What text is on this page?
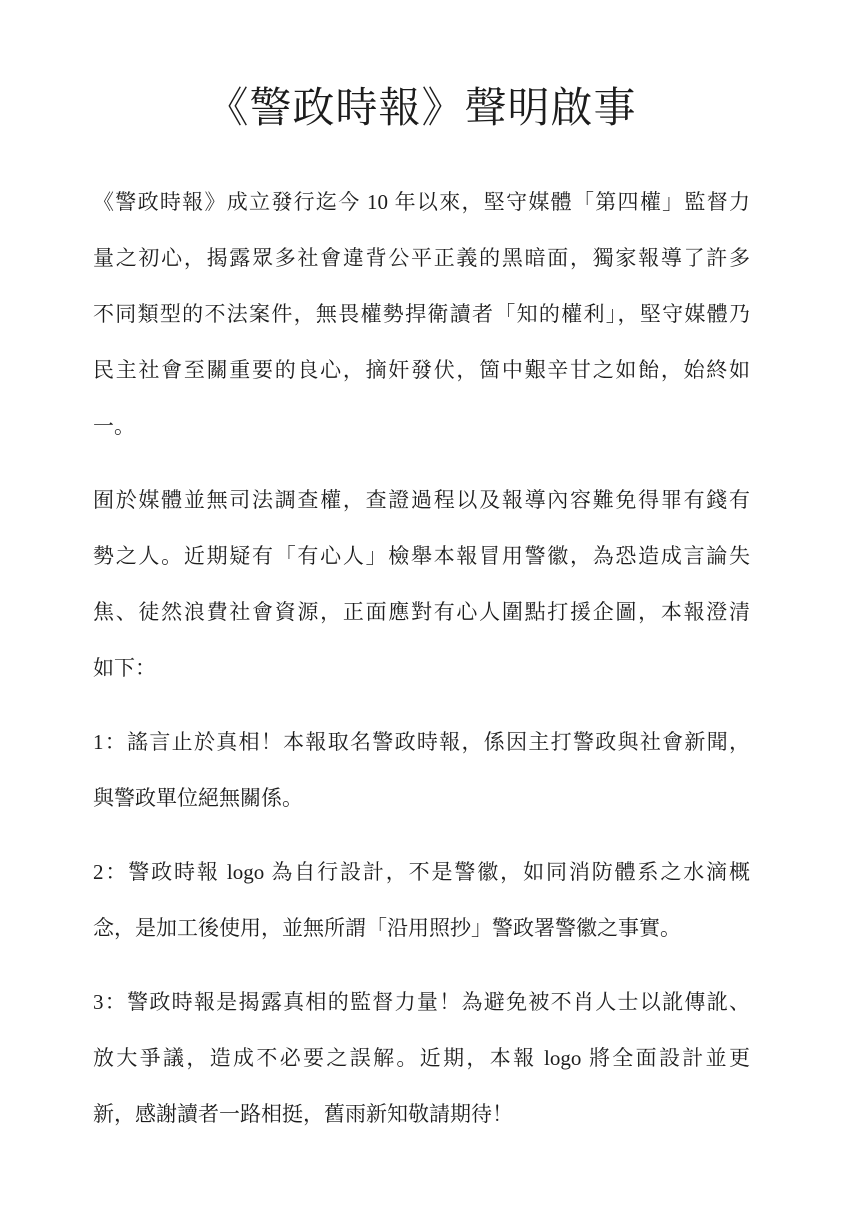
《警政時報》聲明啟事
《警政時報》成立發行迄今 10 年以來，堅守媒體「第四權」監督力
量之初心，揭露眾多社會違背公平正義的黑暗面，獨家報導了許多
不同類型的不法案件，無畏權勢捍衛讀者「知的權利」，堅守媒體乃
民主社會至關重要的良心，摘奸發伏，箇中艱辛甘之如飴，始終如
一。
囿於媒體並無司法調查權，查證過程以及報導內容難免得罪有錢有
勢之人。近期疑有「有心人」檢舉本報冒用警徽，為恐造成言論失
焦、徒然浪費社會資源，正面應對有心人圍點打援企圖，本報澄清
如下：
1：謠言止於真相！本報取名警政時報，係因主打警政與社會新聞，
與警政單位絕無關係。
2：警政時報 logo 為自行設計，不是警徽，如同消防體系之水滴概
念，是加工後使用，並無所謂「沿用照抄」警政署警徽之事實。
3：警政時報是揭露真相的監督力量！為避免被不肖人士以訛傳訛、
放大爭議，造成不必要之誤解。近期，本報 logo 將全面設計並更
新，感謝讀者一路相挺，舊雨新知敬請期待！
